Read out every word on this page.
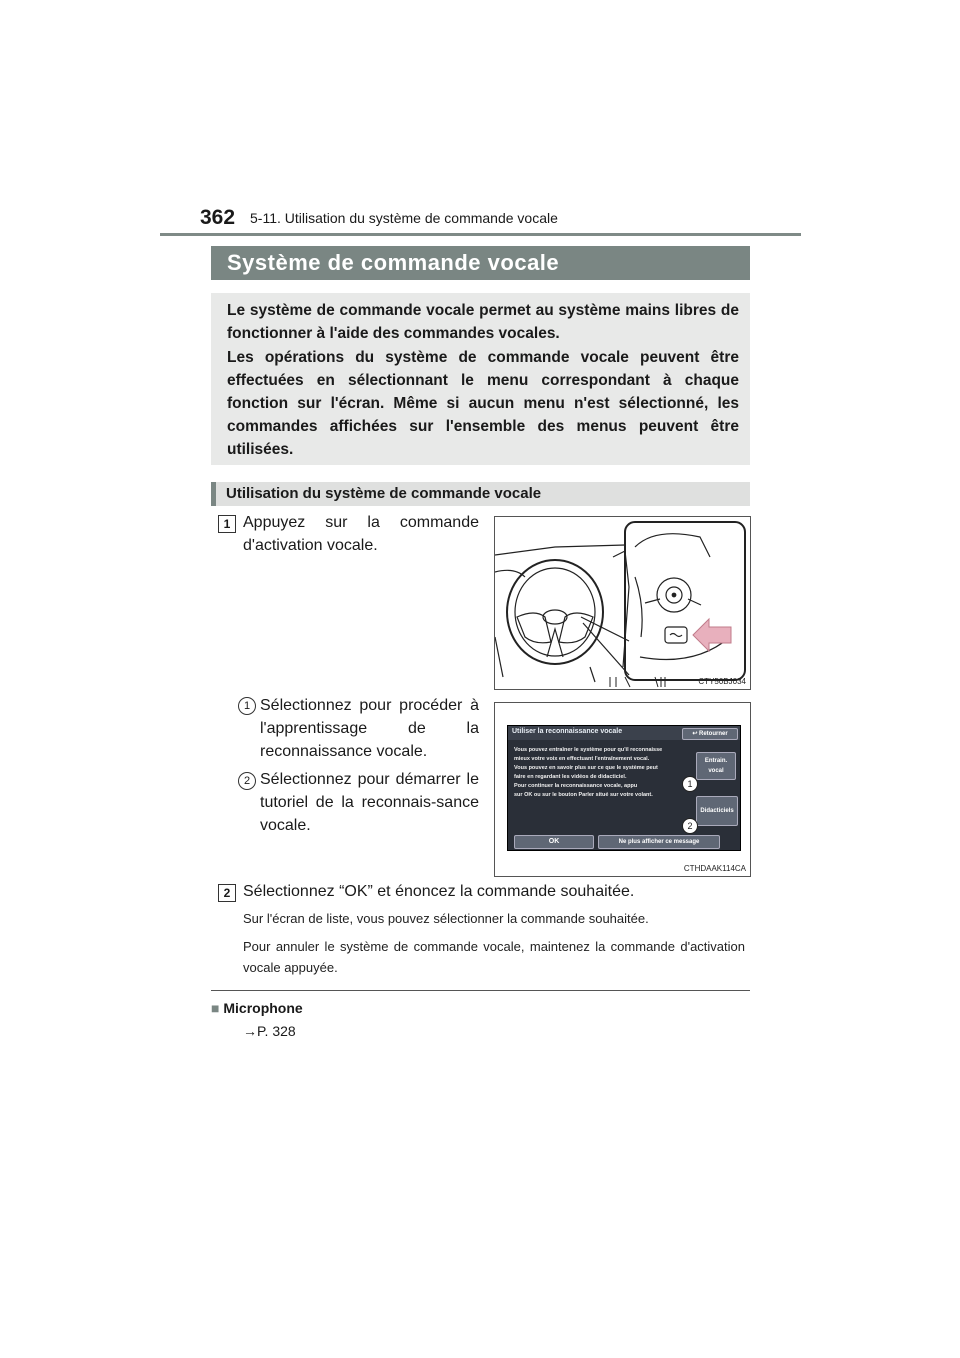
362 5-11. Utilisation du système de commande vocale
Système de commande vocale

Le système de commande vocale permet au système mains libres de fonctionner à l'aide des commandes vocales.

Les opérations du système de commande vocale peuvent être effectuées en sélectionnant le menu correspondant à chaque fonction sur l'écran. Même si aucun menu n'est sélectionné, les commandes affichées sur l'ensemble des menus peuvent être utilisées.

Utilisation du système de commande vocale
1 Appuyez sur la commande d'activation vocale.

1 Sélectionnez pour procéder à l'apprentissage de la reconnaissance vocale.

2 Sélectionnez pour démarrer le tutoriel de la reconnais-sance vocale.

CTY50BJ034
Utiliser la reconnaissance vocale	↩ Retourner
Vous pouvez entraîner le système pour qu'il reconnaisse
mieux votre voix en effectuant l'entraînement vocal.
Vous pouvez en savoir plus sur ce que le système peut
faire en regardant les vidéos de didacticiel.
Pour continuer la reconnaissance vocale, appu
sur OK ou sur le bouton Parler situé sur votre volant.
Entrain.
vocal
Didacticiels
OK	Ne plus afficher ce message
1
2
CTHDAAK114CA
2 Sélectionnez “OK” et énoncez la commande souhaitée.

Sur l'écran de liste, vous pouvez sélectionner la commande souhaitée.

Pour annuler le système de commande vocale, maintenez la commande d'activation vocale appuyée.

■ Microphone
→P. 328
